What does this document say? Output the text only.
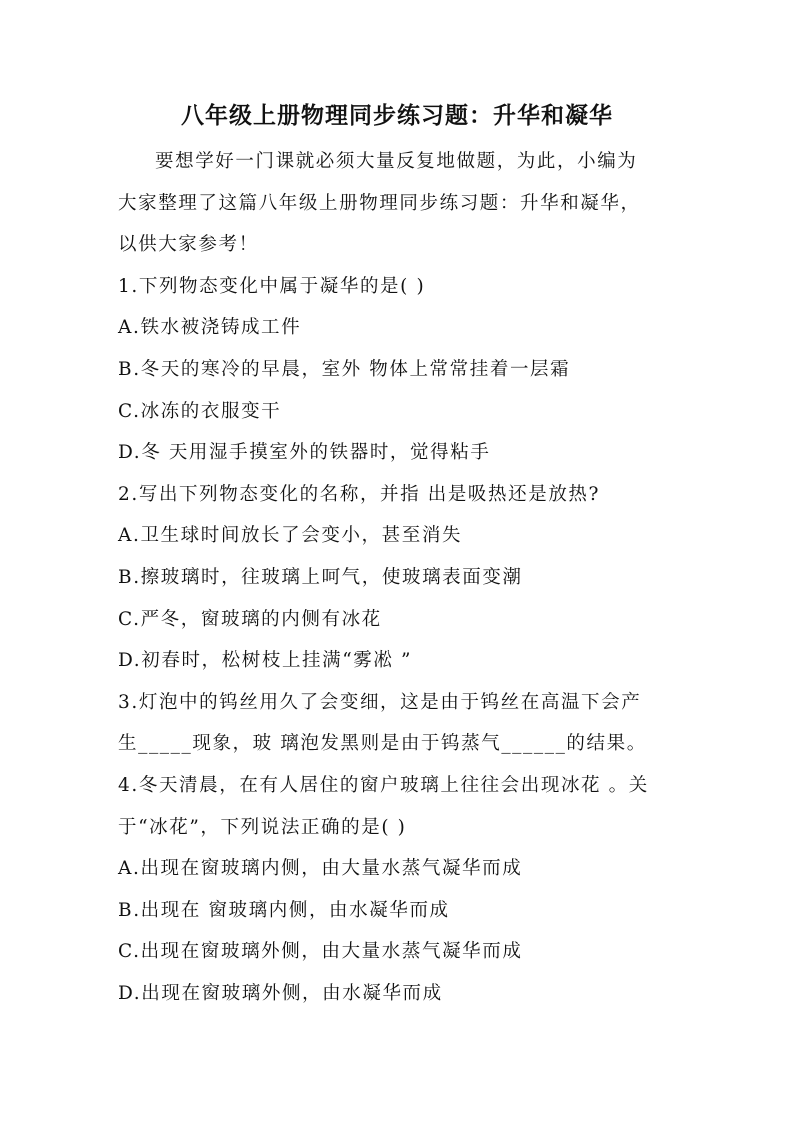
八年级上册物理同步练习题：升华和凝华
要想学好一门课就必须大量反复地做题，为此，小编为
大家整理了这篇八年级上册物理同步练习题：升华和凝华，
以供大家参考！
1.下列物态变化中属于凝华的是( )
A.铁水被浇铸成工件
B.冬天的寒冷的早晨，室外 物体上常常挂着一层霜
C.冰冻的衣服变干
D.冬 天用湿手摸室外的铁器时，觉得粘手
2.写出下列物态变化的名称，并指 出是吸热还是放热?
A.卫生球时间放长了会变小，甚至消失
B.擦玻璃时，往玻璃上呵气，使玻璃表面变潮
C.严冬，窗玻璃的内侧有冰花
D.初春时，松树枝上挂满“雾凇 ”
3.灯泡中的钨丝用久了会变细，这是由于钨丝在高温下会产
生_____现象，玻 璃泡发黑则是由于钨蒸气______的结果。
4.冬天清晨，在有人居住的窗户玻璃上往往会出现冰花 。关
于“冰花”，下列说法正确的是( )
A.出现在窗玻璃内侧，由大量水蒸气凝华而成
B.出现在 窗玻璃内侧，由水凝华而成
C.出现在窗玻璃外侧，由大量水蒸气凝华而成
D.出现在窗玻璃外侧，由水凝华而成
